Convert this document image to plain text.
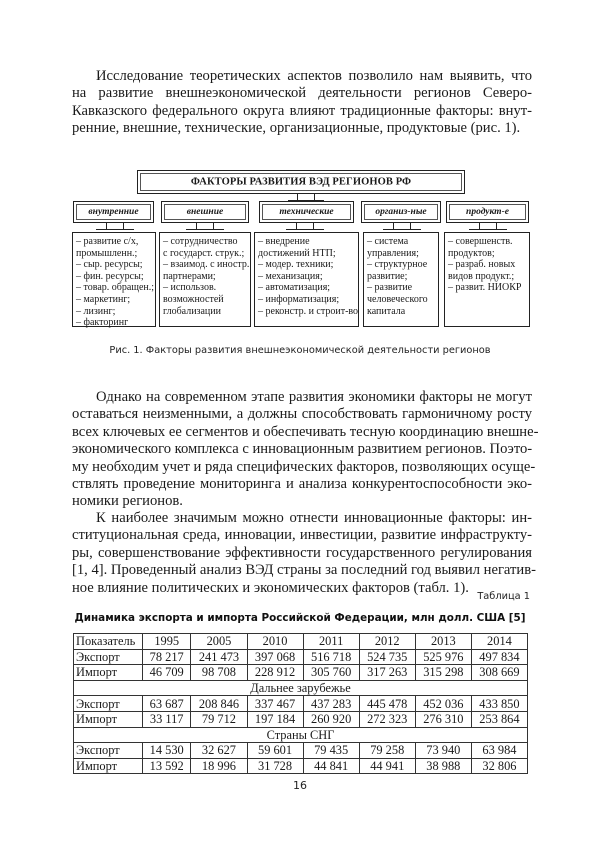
Исследование теоретических аспектов позволило нам выявить, что
на развитие внешнеэкономической деятельности регионов Северо-
Кавказского федерального округа влияют традиционные факторы: внут-
ренние, внешние, технические, организационные, продуктовые (рис. 1).
ФАКТОРЫ РАЗВИТИЯ ВЭД РЕГИОНОВ РФ
внутренние
– развитие с/х,
промышленн.;
– сыр. ресурсы;
– фин. ресурсы;
– товар. обращен.;
– маркетинг;
– лизинг;
– факторинг
внешние
– сотрудничество
с государст. струк.;
– взаимод. с иностр.
партнерами;
– использов.
возможностей
глобализации
технические
– внедрение
достижений НТП;
– модер. техники;
– механизация;
– автоматизация;
– информатизация;
– реконстр. и строит-во
организ-ные
– система
управления;
– структурное
развитие;
– развитие
человеческого
капитала
продукт-е
– совершенств.
продуктов;
– разраб. новых
видов продукт.;
– развит. НИОКР
Рис. 1. Факторы развития внешнеэкономической деятельности регионов
Однако на современном этапе развития экономики факторы не могут
оставаться неизменными, а должны способствовать гармоничному росту
всех ключевых ее сегментов и обеспечивать тесную координацию внешне-
экономического комплекса с инновационным развитием регионов. Поэто-
му необходим учет и ряда специфических факторов, позволяющих осуще-
ствлять проведение мониторинга и анализа конкурентоспособности эко-
номики регионов.
К наиболее значимым можно отнести инновационные факторы: ин-
ституциональная среда, инновации, инвестиции, развитие инфраструкту-
ры, совершенствование эффективности государственного регулирования
[1, 4]. Проведенный анализ ВЭД страны за последний год выявил негатив-
ное влияние политических и экономических факторов (табл. 1).
Таблица 1
Динамика экспорта и импорта Российской Федерации, млн долл. США [5]
Показатель	1995	2005	2010	2011	2012	2013	2014
Экспорт	78 217	241 473	397 068	516 718	524 735	525 976	497 834
Импорт	46 709	98 708	228 912	305 760	317 263	315 298	308 669
Дальнее зарубежье							
Экспорт	63 687	208 846	337 467	437 283	445 478	452 036	433 850
Импорт	33 117	79 712	197 184	260 920	272 323	276 310	253 864
Страны СНГ							
Экспорт	14 530	32 627	59 601	79 435	79 258	73 940	63 984
Импорт	13 592	18 996	31 728	44 841	44 941	38 988	32 806
16
